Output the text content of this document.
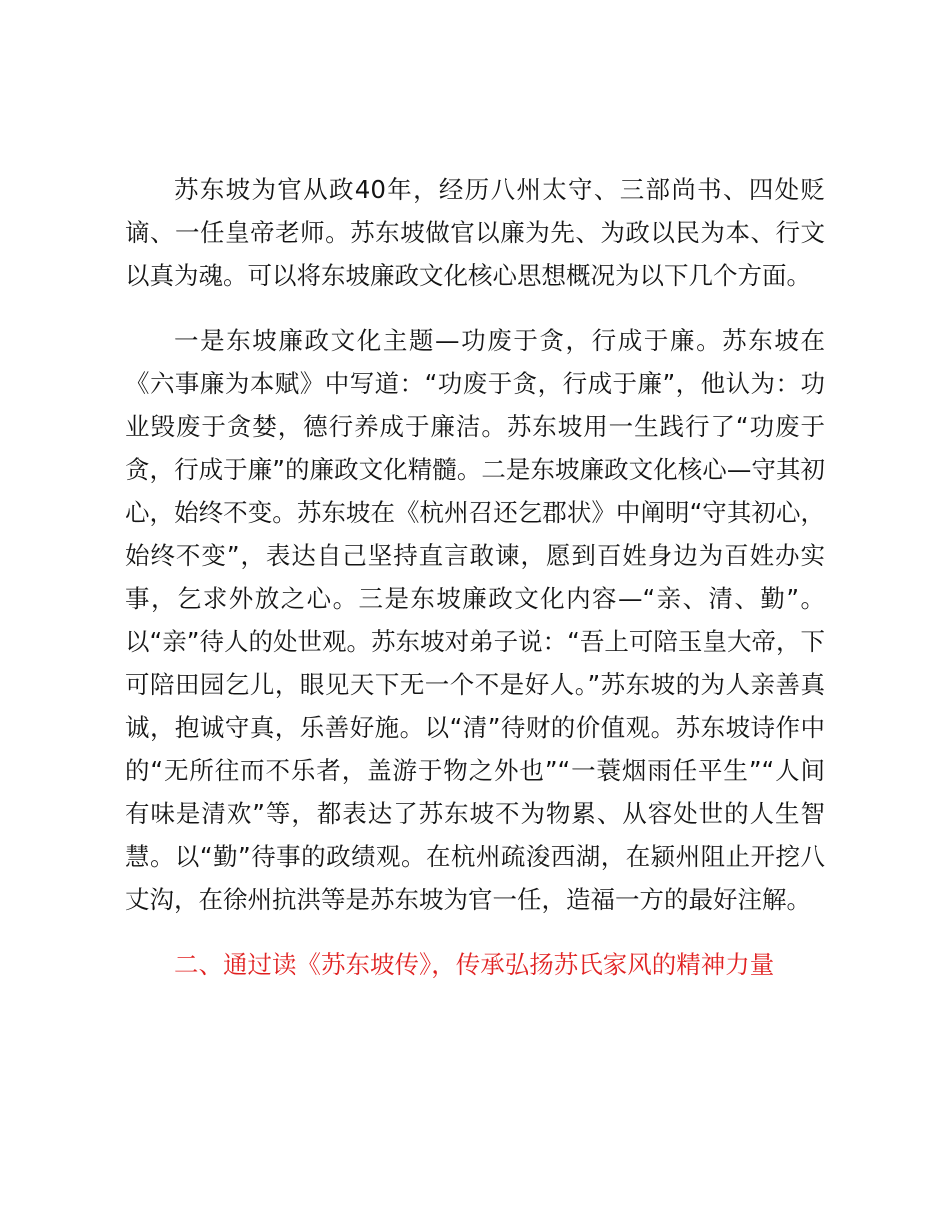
苏东坡为官从政40年，经历八州太守、三部尚书、四处贬谪、一任皇帝老师。苏东坡做官以廉为先、为政以民为本、行文以真为魂。可以将东坡廉政文化核心思想概况为以下几个方面。

一是东坡廉政文化主题—功废于贪，行成于廉。苏东坡在《六事廉为本赋》中写道：“功废于贪，行成于廉”，他认为：功业毁废于贪婪，德行养成于廉洁。苏东坡用一生践行了“功废于贪，行成于廉”的廉政文化精髓。二是东坡廉政文化核心—守其初心，始终不变。苏东坡在《杭州召还乞郡状》中阐明“守其初心，始终不变”，表达自己坚持直言敢谏，愿到百姓身边为百姓办实事，乞求外放之心。三是东坡廉政文化内容—“亲、清、勤”。以“亲”待人的处世观。苏东坡对弟子说：“吾上可陪玉皇大帝，下可陪田园乞儿，眼见天下无一个不是好人。”苏东坡的为人亲善真诚，抱诚守真，乐善好施。以“清”待财的价值观。苏东坡诗作中的“无所往而不乐者，盖游于物之外也”“一蓑烟雨任平生”“人间有味是清欢”等，都表达了苏东坡不为物累、从容处世的人生智慧。以“勤”待事的政绩观。在杭州疏浚西湖，在颍州阻止开挖八丈沟，在徐州抗洪等是苏东坡为官一任，造福一方的最好注解。

二、通过读《苏东坡传》，传承弘扬苏氏家风的精神力量
